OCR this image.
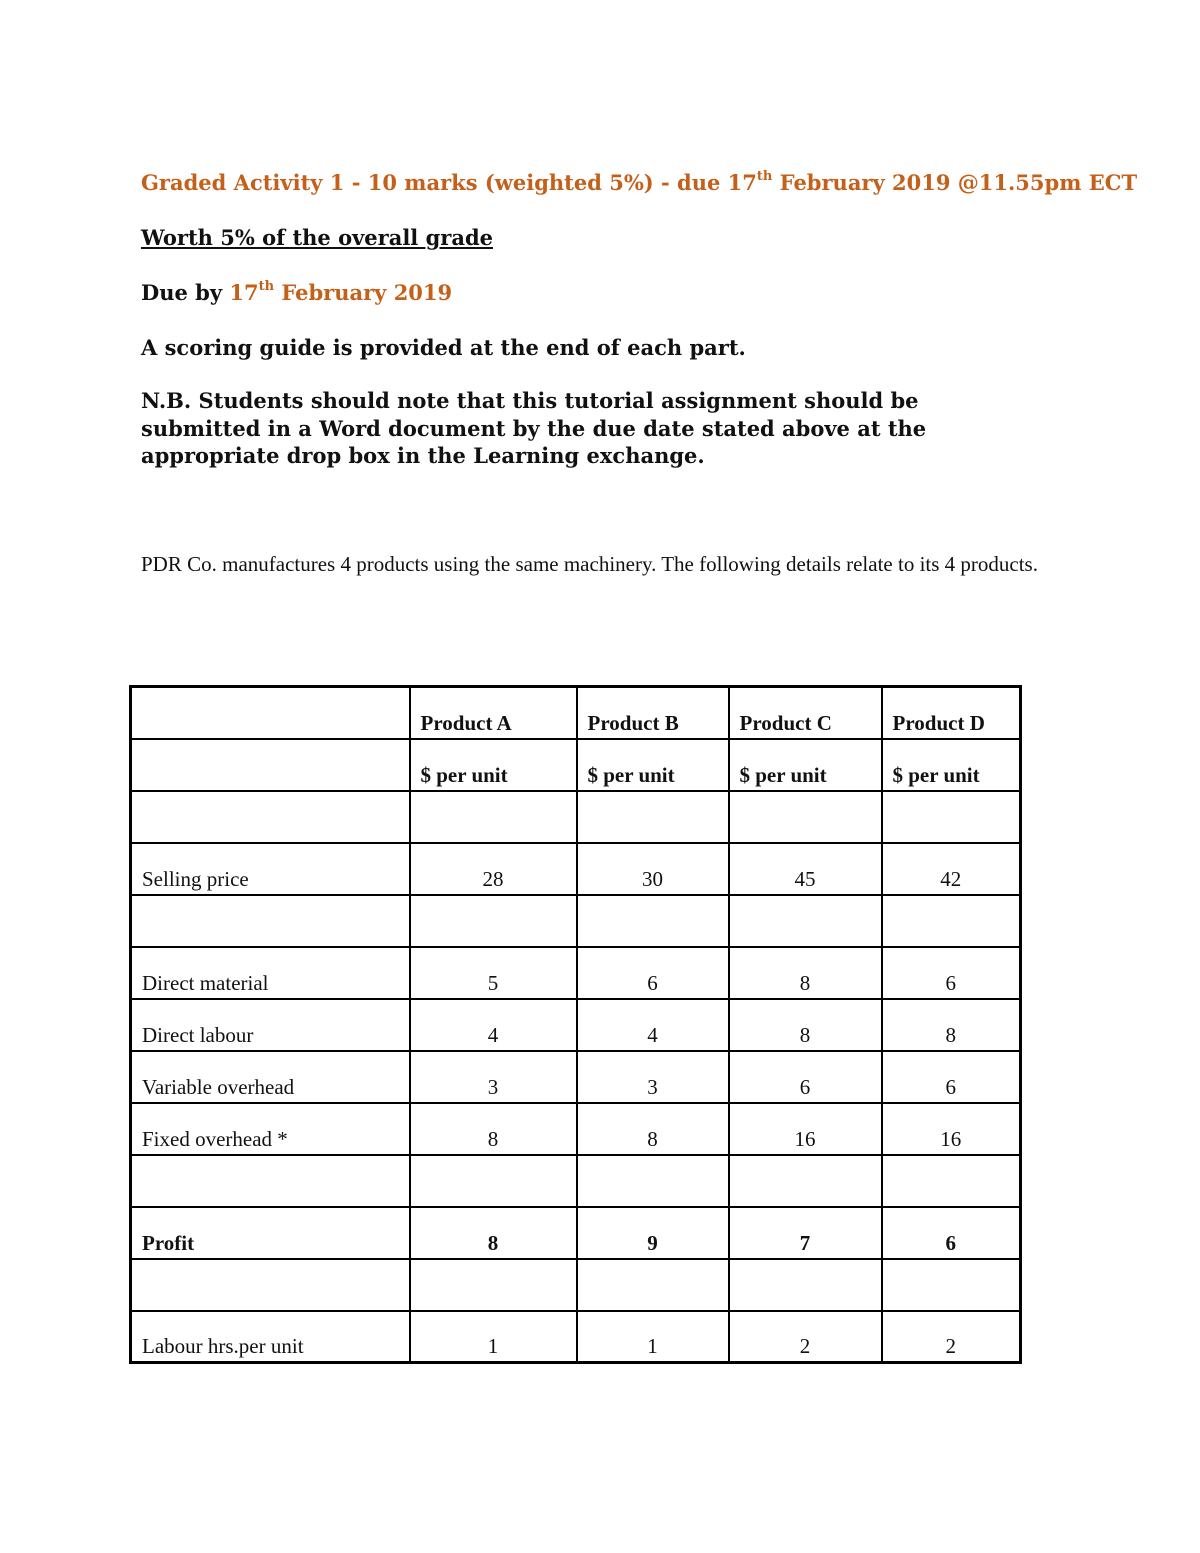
Graded Activity 1 - 10 marks (weighted 5%) - due 17th February 2019 @11.55pm ECT
Worth 5% of the overall grade
Due by 17th February 2019
A scoring guide is provided at the end of each part.
N.B. Students should note that this tutorial assignment should be submitted in a Word document by the due date stated above at the appropriate drop box in the Learning exchange.
PDR Co. manufactures 4 products using the same machinery. The following details relate to its 4 products.
	Product A	Product B	Product C	Product D
	$ per unit	$ per unit	$ per unit	$ per unit

Selling price	28	30	45	42

Direct material	5	6	8	6
Direct labour	4	4	8	8
Variable overhead	3	3	6	6
Fixed overhead *	8	8	16	16

Profit	8	9	7	6

Labour hrs.per unit	1	1	2	2
